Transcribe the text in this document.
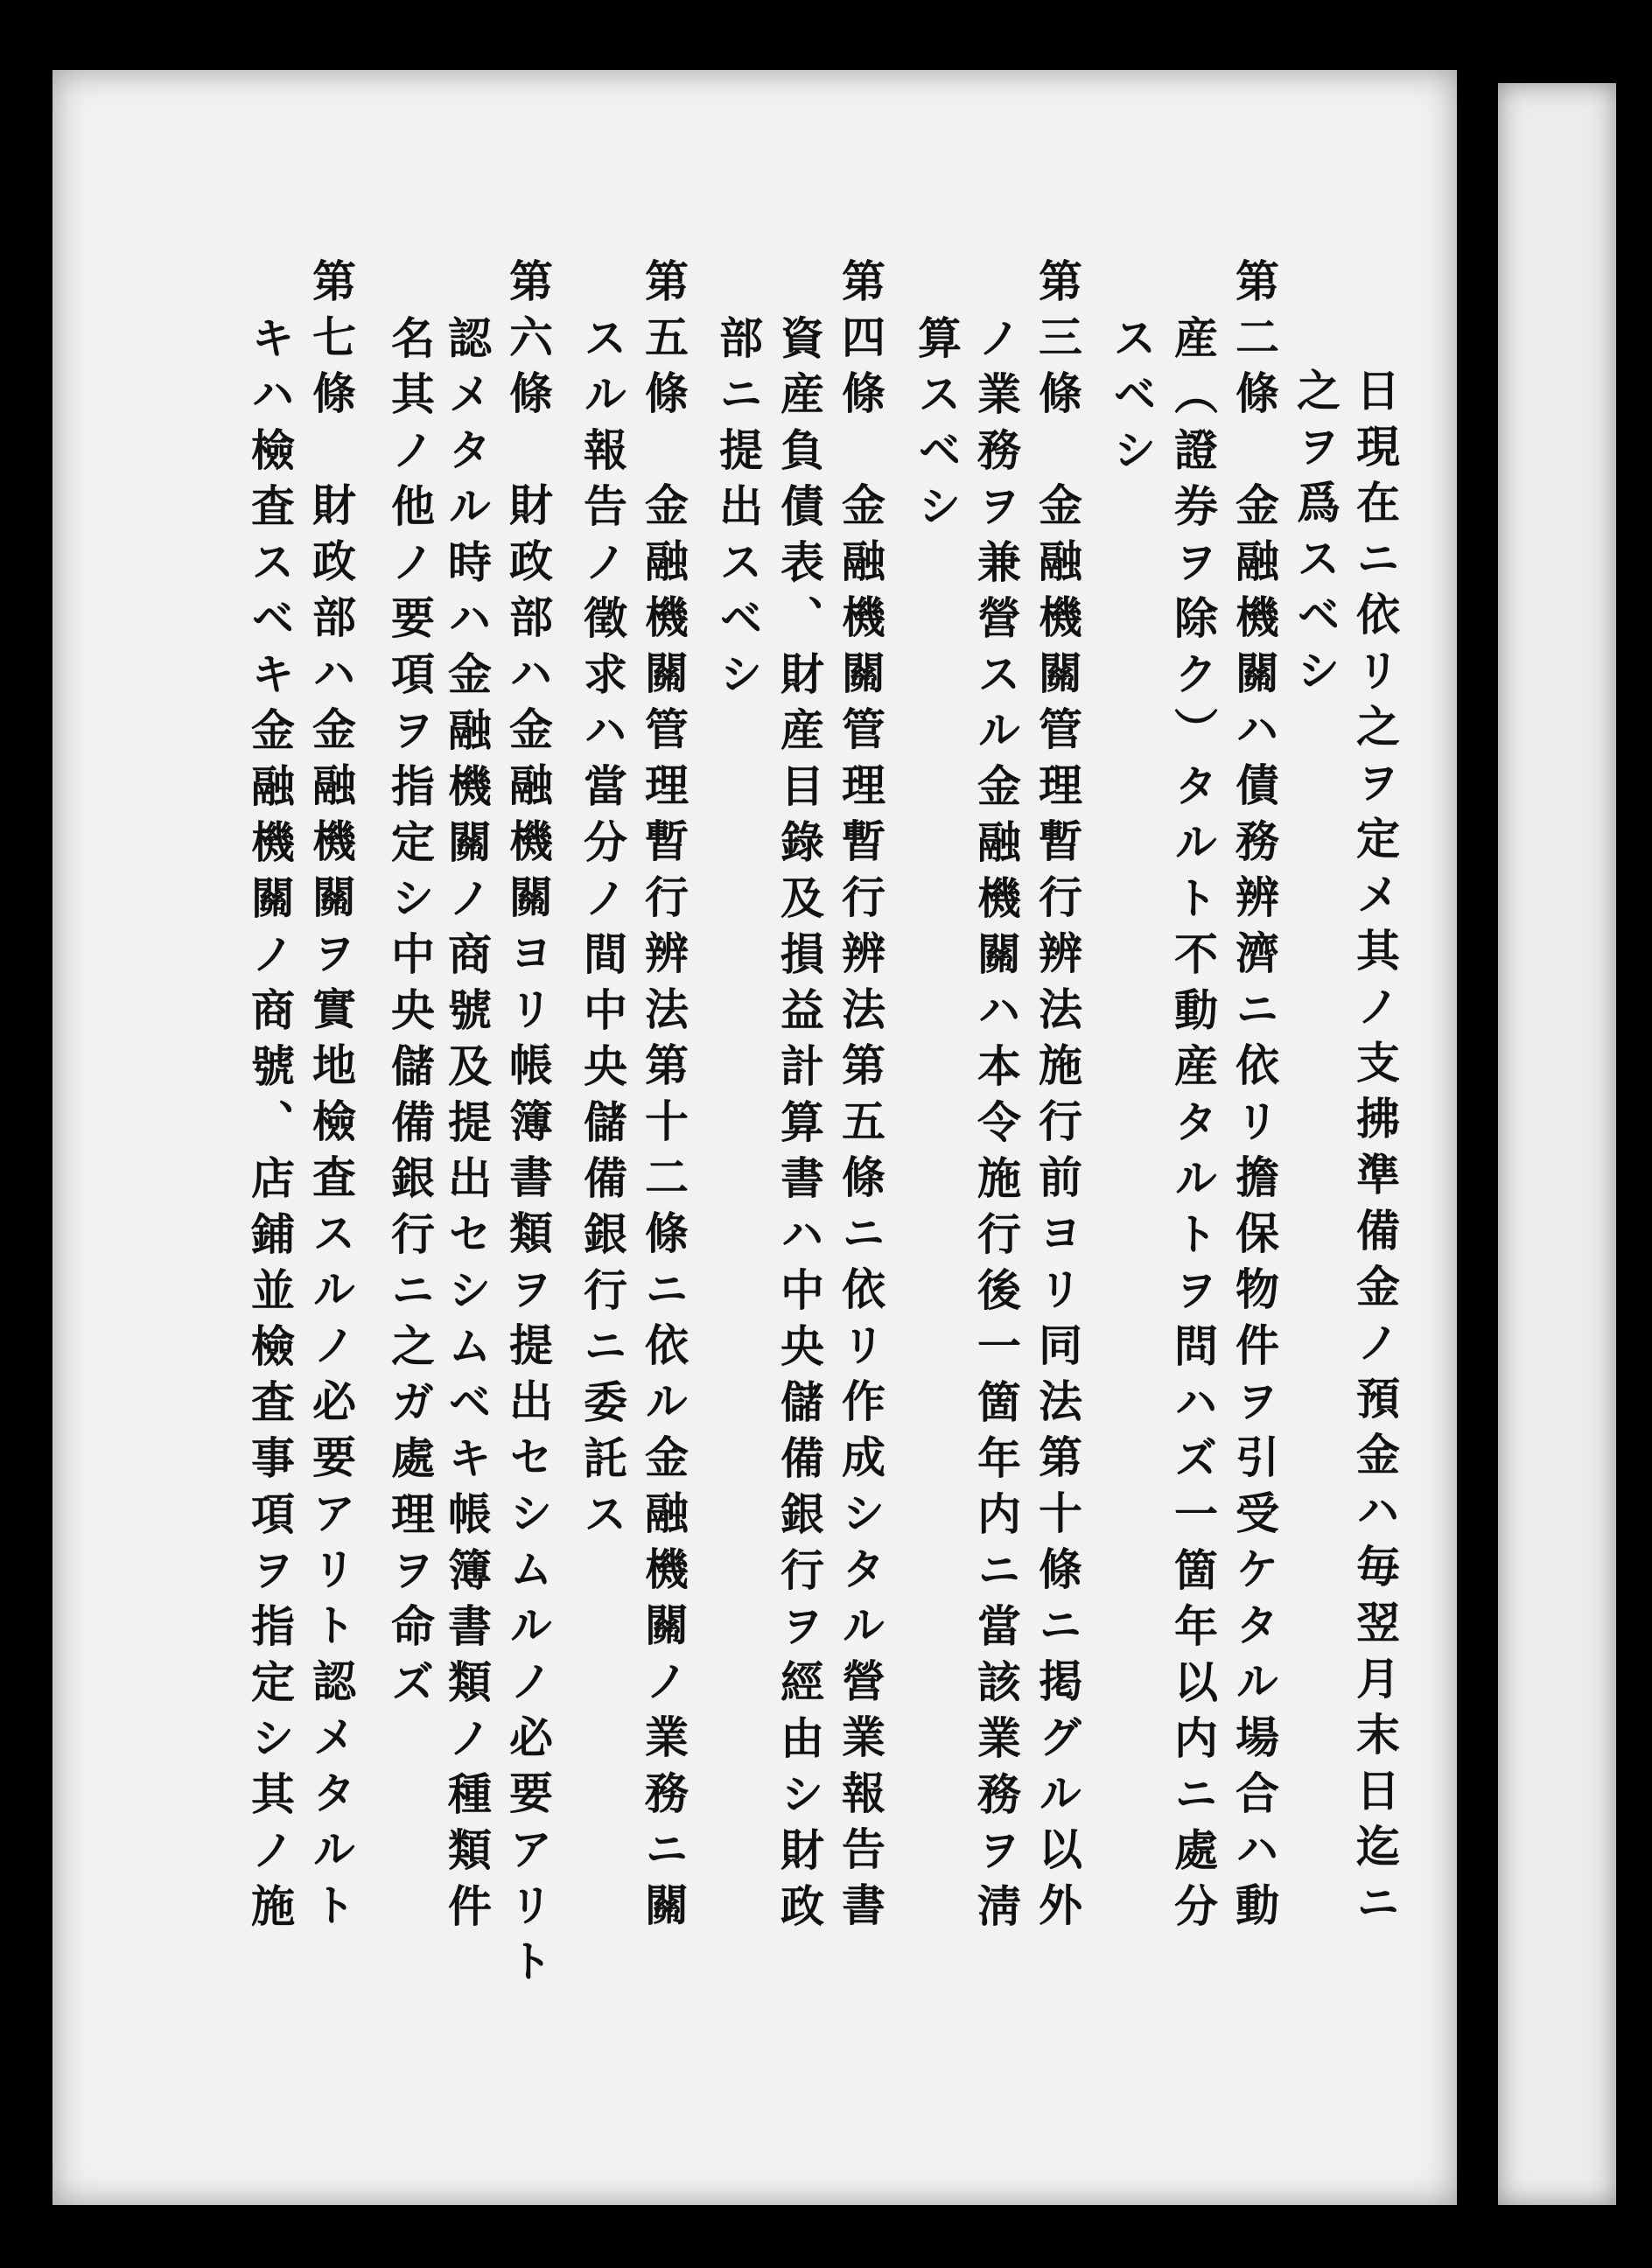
日現在ニ依リ之ヲ定メ其ノ支拂準備金ノ預金ハ毎翌月末日迄ニ
之ヲ爲スベシ
第二條　金融機關ハ債務辨濟ニ依リ擔保物件ヲ引受ケタル場合ハ動
産（證券ヲ除ク）タルト不動産タルトヲ問ハズ一箇年以内ニ處分
スベシ
第三條　金融機關管理暫行辨法施行前ヨリ同法第十條ニ掲グル以外
ノ業務ヲ兼營スル金融機關ハ本令施行後一箇年内ニ當該業務ヲ淸
算スベシ
第四條　金融機關管理暫行辨法第五條ニ依リ作成シタル營業報告書
資産負債表、財産目錄及損益計算書ハ中央儲備銀行ヲ經由シ財政
部ニ提出スベシ
第五條　金融機關管理暫行辨法第十二條ニ依ル金融機關ノ業務ニ關
スル報告ノ徵求ハ當分ノ間中央儲備銀行ニ委託ス
第六條　財政部ハ金融機關ヨリ帳簿書類ヲ提出セシムルノ必要アリト
認メタル時ハ金融機關ノ商號及提出セシムベキ帳簿書類ノ種類件
名其ノ他ノ要項ヲ指定シ中央儲備銀行ニ之ガ處理ヲ命ズ
第七條　財政部ハ金融機關ヲ實地檢査スルノ必要アリト認メタルト
キハ檢査スベキ金融機關ノ商號、店鋪並檢査事項ヲ指定シ其ノ施
